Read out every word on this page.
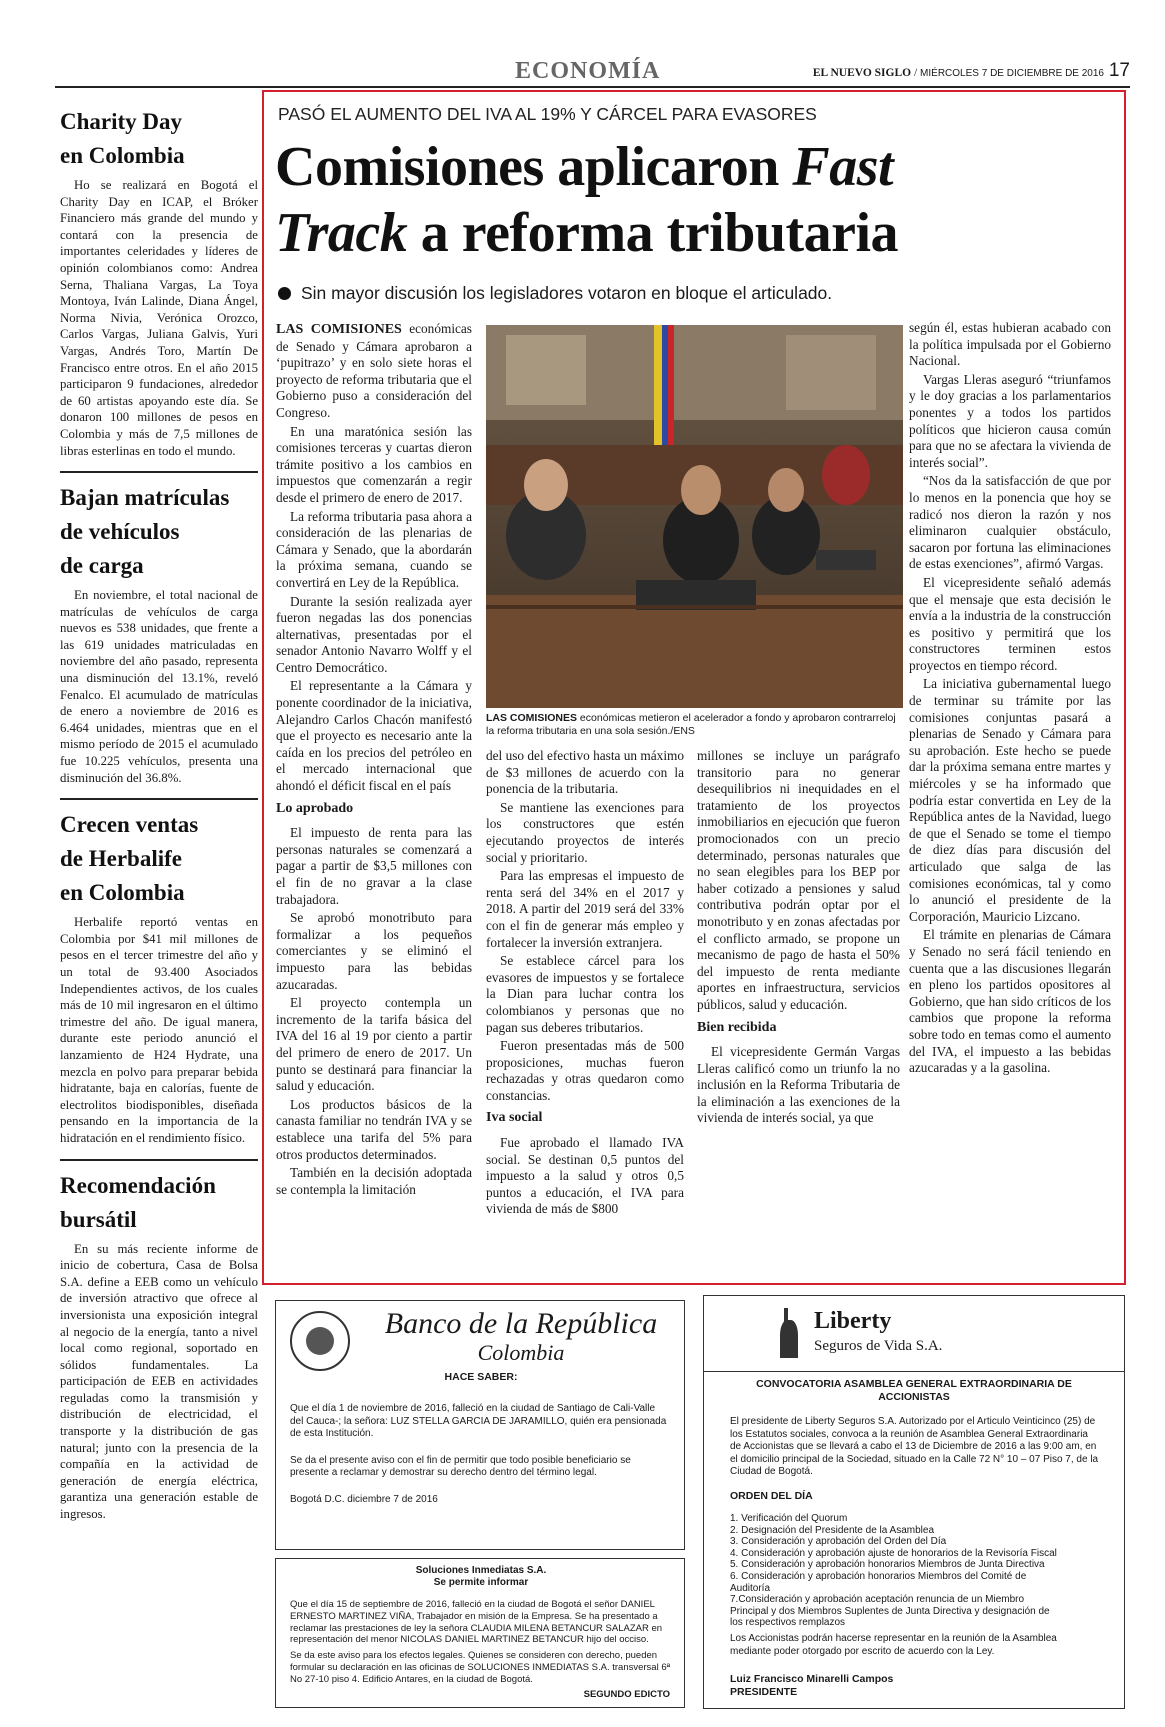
ECONOMÍA	EL NUEVO SIGLO / MIÉRCOLES 7 DE DICIEMBRE DE 2016 17
Charity Day
en Colombia

Ho se realizará en Bogotá el Charity Day en ICAP, el Bróker Financiero más grande del mundo y contará con la presencia de importantes celeridades y líderes de opinión colombianos como: Andrea Serna, Thaliana Vargas, La Toya Montoya, Iván Lalinde, Diana Ángel, Norma Nivia, Verónica Orozco, Carlos Vargas, Juliana Galvis, Yuri Vargas, Andrés Toro, Martín De Francisco entre otros. En el año 2015 participaron 9 fundaciones, alrededor de 60 artistas apoyando este día. Se donaron 100 millones de pesos en Colombia y más de 7,5 millones de libras esterlinas en todo el mundo.

Bajan matrículas
de vehículos
de carga

En noviembre, el total nacional de matrículas de vehículos de carga nuevos es 538 unidades, que frente a las 619 unidades matriculadas en noviembre del año pasado, representa una disminución del 13.1%, reveló Fenalco. El acumulado de matrículas de enero a noviembre de 2016 es 6.464 unidades, mientras que en el mismo período de 2015 el acumulado fue 10.225 vehículos, presenta una disminución del 36.8%.

Crecen ventas
de Herbalife
en Colombia

Herbalife reportó ventas en Colombia por $41 mil millones de pesos en el tercer trimestre del año y un total de 93.400 Asociados Independientes activos, de los cuales más de 10 mil ingresaron en el último trimestre del año. De igual manera, durante este periodo anunció el lanzamiento de H24 Hydrate, una mezcla en polvo para preparar bebida hidratante, baja en calorías, fuente de electrolitos biodisponibles, diseñada pensando en la importancia de la hidratación en el rendimiento físico.

Recomendación
bursátil

En su más reciente informe de inicio de cobertura, Casa de Bolsa S.A. define a EEB como un vehículo de inversión atractivo que ofrece al inversionista una exposición integral al negocio de la energía, tanto a nivel local como regional, soportado en sólidos fundamentales. La participación de EEB en actividades reguladas como la transmisión y distribución de electricidad, el transporte y la distribución de gas natural; junto con la presencia de la compañía en la actividad de generación de energía eléctrica, garantiza una generación estable de ingresos.

PASÓ EL AUMENTO DEL IVA AL 19% Y CÁRCEL PARA EVASORES
Comisiones aplicaron Fast
Track a reforma tributaria
Sin mayor discusión los legisladores votaron en bloque el articulado.

LAS COMISIONES económicas de Senado y Cámara aprobaron a ‘pupitrazo’ y en solo siete horas el proyecto de reforma tributaria que el Gobierno puso a consideración del Congreso.

En una maratónica sesión las comisiones terceras y cuartas dieron trámite positivo a los cambios en impuestos que comenzarán a regir desde el primero de enero de 2017.

La reforma tributaria pasa ahora a consideración de las plenarias de Cámara y Senado, que la abordarán la próxima semana, cuando se convertirá en Ley de la República.

Durante la sesión realizada ayer fueron negadas las dos ponencias alternativas, presentadas por el senador Antonio Navarro Wolff y el Centro Democrático.

El representante a la Cámara y ponente coordinador de la iniciativa, Alejandro Carlos Chacón manifestó que el proyecto es necesario ante la caída en los precios del petróleo en el mercado internacional que ahondó el déficit fiscal en el país

Lo aprobado

El impuesto de renta para las personas naturales se comenzará a pagar a partir de $3,5 millones con el fin de no gravar a la clase trabajadora.

Se aprobó monotributo para formalizar a los pequeños comerciantes y se eliminó el impuesto para las bebidas azucaradas.

El proyecto contempla un incremento de la tarifa básica del IVA del 16 al 19 por ciento a partir del primero de enero de 2017. Un punto se destinará para financiar la salud y educación.

Los productos básicos de la canasta familiar no tendrán IVA y se establece una tarifa del 5% para otros productos determinados.

También en la decisión adoptada se contempla la limitación

LAS COMISIONES económicas metieron el acelerador a fondo y aprobaron contrarreloj la reforma tributaria en una sola sesión./ENS

del uso del efectivo hasta un máximo de $3 millones de acuerdo con la ponencia de la tributaria.

Se mantiene las exenciones para los constructores que estén ejecutando proyectos de interés social y prioritario.

Para las empresas el impuesto de renta será del 34% en el 2017 y 2018. A partir del 2019 será del 33% con el fin de generar más empleo y fortalecer la inversión extranjera.

Se establece cárcel para los evasores de impuestos y se fortalece la Dian para luchar contra los colombianos y personas que no pagan sus deberes tributarios.

Fueron presentadas más de 500 proposiciones, muchas fueron rechazadas y otras quedaron como constancias.

Iva social

Fue aprobado el llamado IVA social. Se destinan 0,5 puntos del impuesto a la salud y otros 0,5 puntos a educación, el IVA para vivienda de más de $800

millones se incluye un parágrafo transitorio para no generar desequilibrios ni inequidades en el tratamiento de los proyectos inmobiliarios en ejecución que fueron promocionados con un precio determinado, personas naturales que no sean elegibles para los BEP por haber cotizado a pensiones y salud contributiva podrán optar por el monotributo y en zonas afectadas por el conflicto armado, se propone un mecanismo de pago de hasta el 50% del impuesto de renta mediante aportes en infraestructura, servicios públicos, salud y educación.

Bien recibida

El vicepresidente Germán Vargas Lleras calificó como un triunfo la no inclusión en la Reforma Tributaria de la eliminación a las exenciones de la vivienda de interés social, ya que

según él, estas hubieran acabado con la política impulsada por el Gobierno Nacional.

Vargas Lleras aseguró “triunfamos y le doy gracias a los parlamentarios ponentes y a todos los partidos políticos que hicieron causa común para que no se afectara la vivienda de interés social”.

“Nos da la satisfacción de que por lo menos en la ponencia que hoy se radicó nos dieron la razón y nos eliminaron cualquier obstáculo, sacaron por fortuna las eliminaciones de estas exenciones”, afirmó Vargas.

El vicepresidente señaló además que el mensaje que esta decisión le envía a la industria de la construcción es positivo y permitirá que los constructores terminen estos proyectos en tiempo récord.

La iniciativa gubernamental luego de terminar su trámite por las comisiones conjuntas pasará a plenarias de Senado y Cámara para su aprobación. Este hecho se puede dar la próxima semana entre martes y miércoles y se ha informado que podría estar convertida en Ley de la República antes de la Navidad, luego de que el Senado se tome el tiempo de diez días para discusión del articulado que salga de las comisiones económicas, tal y como lo anunció el presidente de la Corporación, Mauricio Lizcano.

El trámite en plenarias de Cámara y Senado no será fácil teniendo en cuenta que a las discusiones llegarán en pleno los partidos opositores al Gobierno, que han sido críticos de los cambios que propone la reforma sobre todo en temas como el aumento del IVA, el impuesto a las bebidas azucaradas y a la gasolina.

Banco de la República
Colombia
HACE SABER:

Que el día 1 de noviembre de 2016, falleció en la ciudad de Santiago de Cali-Valle del Cauca-; la señora: LUZ STELLA GARCIA DE JARAMILLO, quién era pensionada de esta Institución.

Se da el presente aviso con el fin de permitir que todo posible beneficiario se presente a reclamar y demostrar su derecho dentro del término legal.

Bogotá D.C. diciembre 7 de 2016

Soluciones Inmediatas S.A.
Se permite informar

Que el día 15 de septiembre de 2016, falleció en la ciudad de Bogotá el señor DANIEL ERNESTO MARTINEZ VIÑA, Trabajador en misión de la Empresa. Se ha presentado a reclamar las prestaciones de ley la señora CLAUDIA MILENA BETANCUR SALAZAR en representación del menor NICOLAS DANIEL MARTINEZ BETANCUR hijo del occiso.

Se da este aviso para los efectos legales. Quienes se consideren con derecho, pueden formular su declaración en las oficinas de SOLUCIONES INMEDIATAS S.A. transversal 6ª No 27-10 piso 4. Edificio Antares, en la ciudad de Bogotá.

SEGUNDO EDICTO
Liberty
Seguros de Vida S.A.
CONVOCATORIA ASAMBLEA GENERAL EXTRAORDINARIA DE ACCIONISTAS
El presidente de Liberty Seguros S.A. Autorizado por el Articulo Veinticinco (25) de los Estatutos sociales, convoca a la reunión de Asamblea General Extraordinaria de Accionistas que se llevará a cabo el 13 de Diciembre de 2016 a las 9:00 am, en el domicilio principal de la Sociedad, situado en la Calle 72 N° 10 – 07 Piso 7, de la Ciudad de Bogotá.
ORDEN DEL DÍA
1. Verificación del Quorum
2. Designación del Presidente de la Asamblea
3. Consideración y aprobación del Orden del Día
4. Consideración y aprobación ajuste de honorarios de la Revisoría Fiscal
5. Consideración y aprobación honorarios Miembros de Junta Directiva
6. Consideración y aprobación honorarios Miembros del Comité de Auditoría
7.Consideración y aprobación aceptación renuncia de un Miembro Principal y dos Miembros Suplentes de Junta Directiva y designación de los respectivos remplazos
Los Accionistas podrán hacerse representar en la reunión de la Asamblea mediante poder otorgado por escrito de acuerdo con la Ley.
Luiz Francisco Minarelli Campos
PRESIDENTE
